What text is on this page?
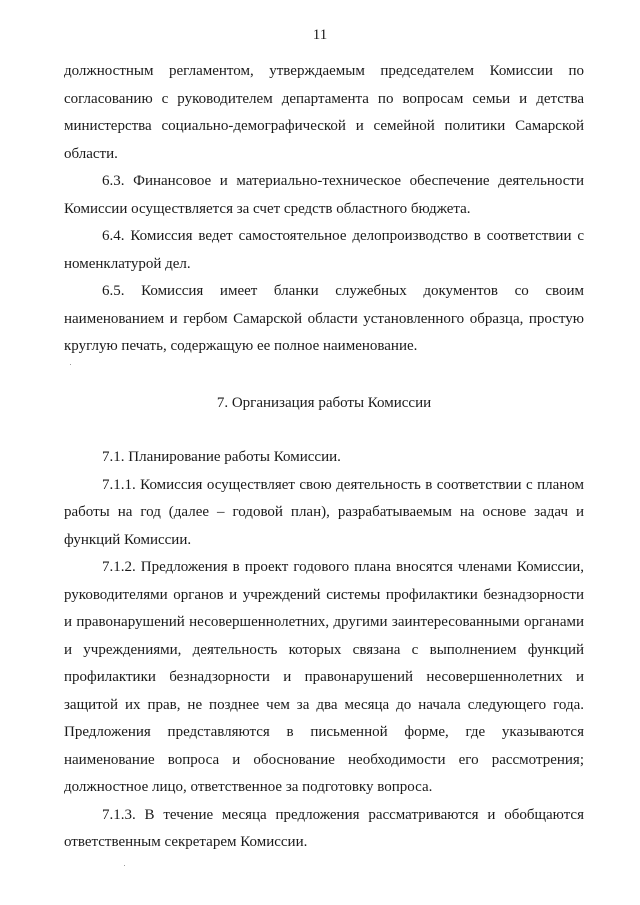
11

должностным регламентом, утверждаемым председателем Комиссии по согласованию с руководителем департамента по вопросам семьи и детства министерства социально-демографической и семейной политики Самарской области.

6.3. Финансовое и материально-техническое обеспечение деятельности Комиссии осуществляется за счет средств областного бюджета.

6.4. Комиссия ведет самостоятельное делопроизводство в соответствии с номенклатурой дел.

6.5. Комиссия имеет бланки служебных документов со своим наименованием и гербом Самарской области установленного образца, простую круглую печать, содержащую ее полное наименование.

7. Организация работы Комиссии

7.1. Планирование работы Комиссии.

7.1.1. Комиссия осуществляет свою деятельность в соответствии с планом работы на год (далее – годовой план), разрабатываемым на основе задач и функций Комиссии.

7.1.2. Предложения в проект годового плана вносятся членами Комиссии, руководителями органов и учреждений системы профилактики безнадзорности и правонарушений несовершеннолетних, другими заинтересованными органами и учреждениями, деятельность которых связана с выполнением функций профилактики безнадзорности и правонарушений несовершеннолетних и защитой их прав, не позднее чем за два месяца до начала следующего года. Предложения представляются в письменной форме, где указываются наименование вопроса и обоснование необходимости его рассмотрения; должностное лицо, ответственное за подготовку вопроса.

7.1.3. В течение месяца предложения рассматриваются и обобщаются ответственным секретарем Комиссии.
